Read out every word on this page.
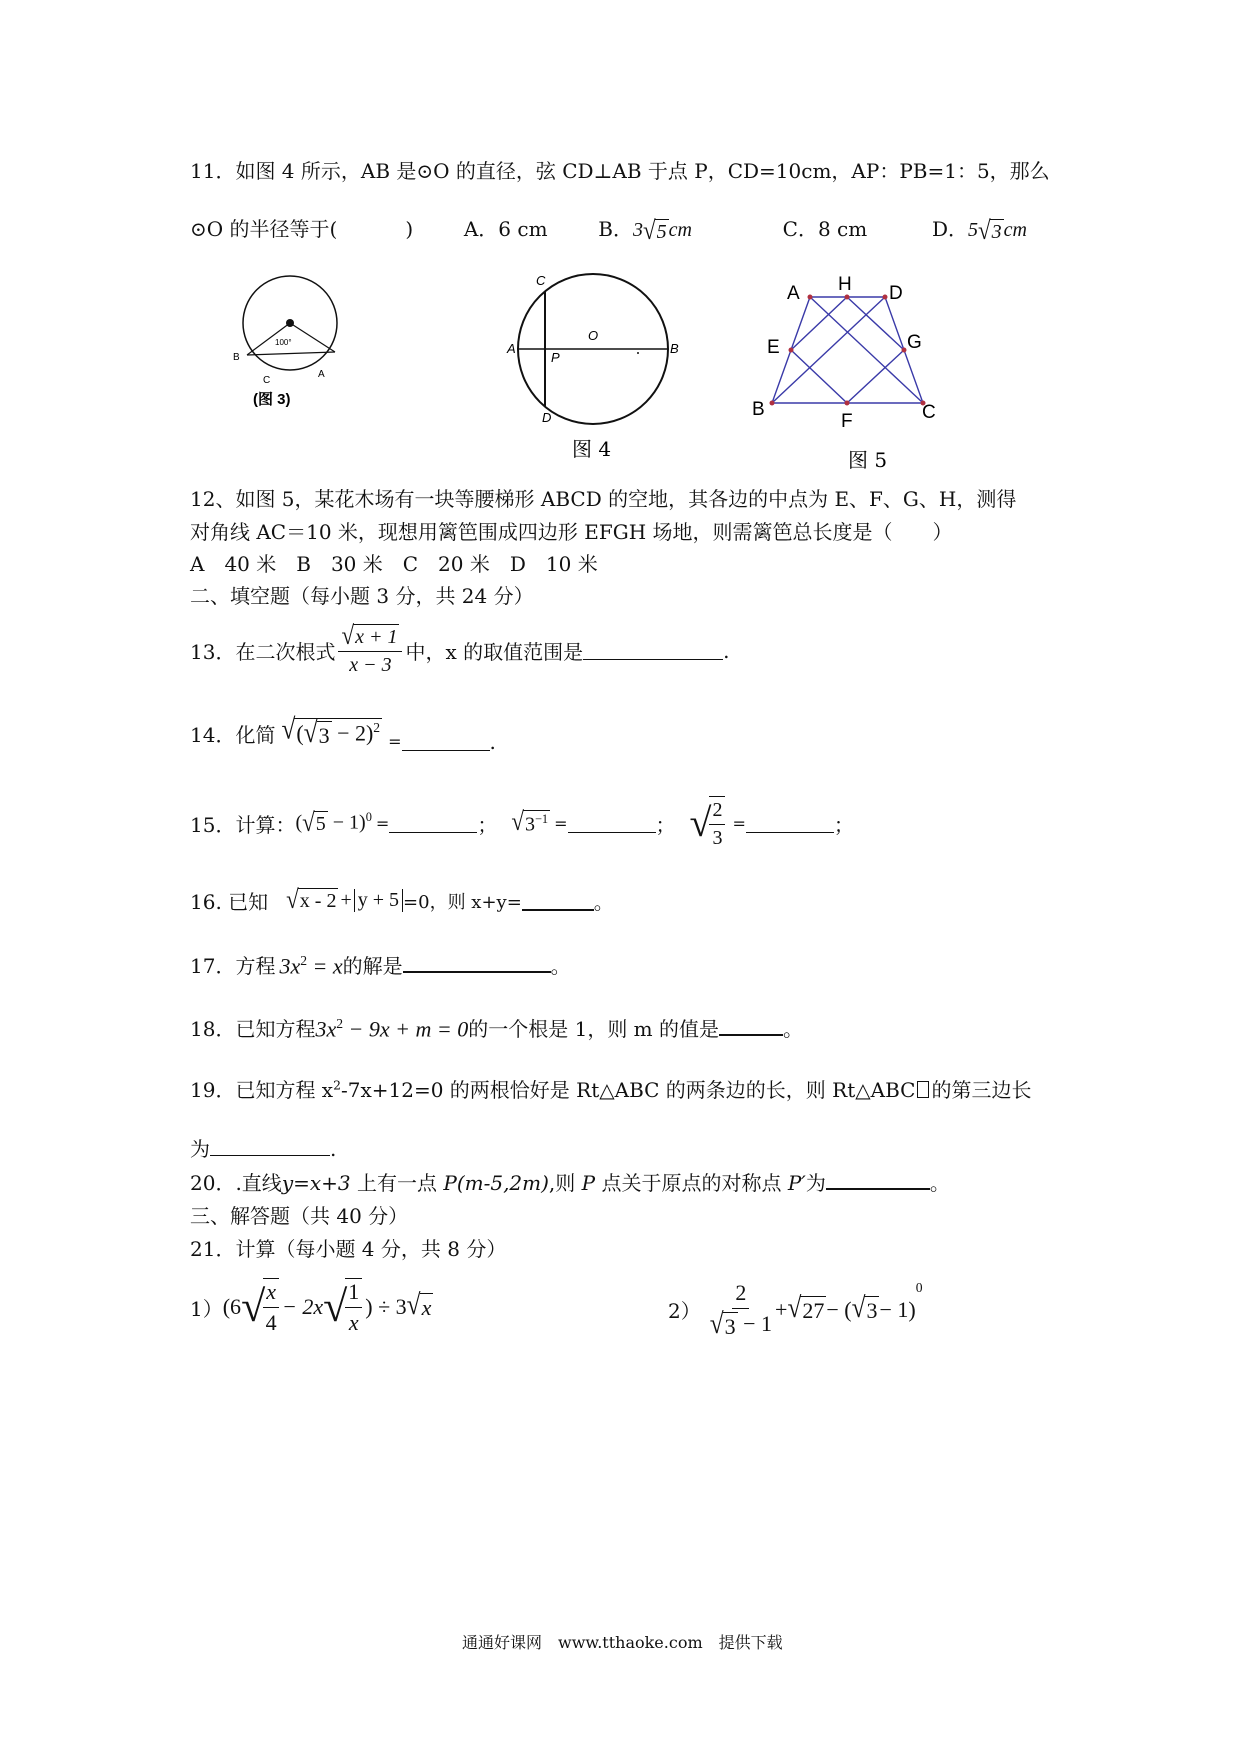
11．如图 4 所示，AB 是⊙O 的直径，弦 CD⊥AB 于点 P，CD=10cm，AP：PB=1：5，那么
⊙O 的半径等于(	)	A．6 cm	B．3 √ 5 cm	C．8 cm	D．5 √ 3 cm
100°
B
C
A
(图 3)
C
A
O
B
P
D
图 4
A H D
E	G
B
F	C
图 5
12、如图 5，某花木场有一块等腰梯形 ABCD 的空地，其各边的中点为 E、F、G、H，测得
对角线 AC＝10 米，现想用篱笆围成四边形 EFGH 场地，则需篱笆总长度是（　　）
A　40 米　B　30 米　C　20 米　D　10 米
二、填空题（每小题 3 分，共 24 分）
13．在二次根式 $\frac{√ x + 1}{x - 3}$ 中，x 的取值范围是	.
14．化简 √ ( √ 3 − 2)$^2$
=	.
15．计算： ( √ 5 − 1)$^0$ =	； √ $3^{-1}$ =	； √
$\frac{2}{3}$ =	；
16. 已知 √ x - 2 + y + 5 =0，则 x+y=	。
17．方程 $3x^2 = x$ 的解是	。
18．已知方程 $3x^2 - 9x + m = 0$ 的一个根是 1，则 m 的值是	。
19．已知方程 $x^2-7x+12=0$ 的两根恰好是 Rt△ABC 的两条边的长，则 Rt△ABC 的第三边长
为	.
20．.直线y=x+3 上有一点 P(m-5,2m),则 P 点关于原点的对称点 P′为	。
三、解答题（共 40 分）
21．计算（每小题 4 分，共 8 分）
1） (6 √
$\frac{x}{4} - 2x$ √
$\frac{1}{x}$ ) ÷ 3 √ x	$2) \frac{2}{√ 3 - 1}$ + √ 27 − ( √ 3 − 1)
0
通通好课网　www.tthaoke.com　提供下载
